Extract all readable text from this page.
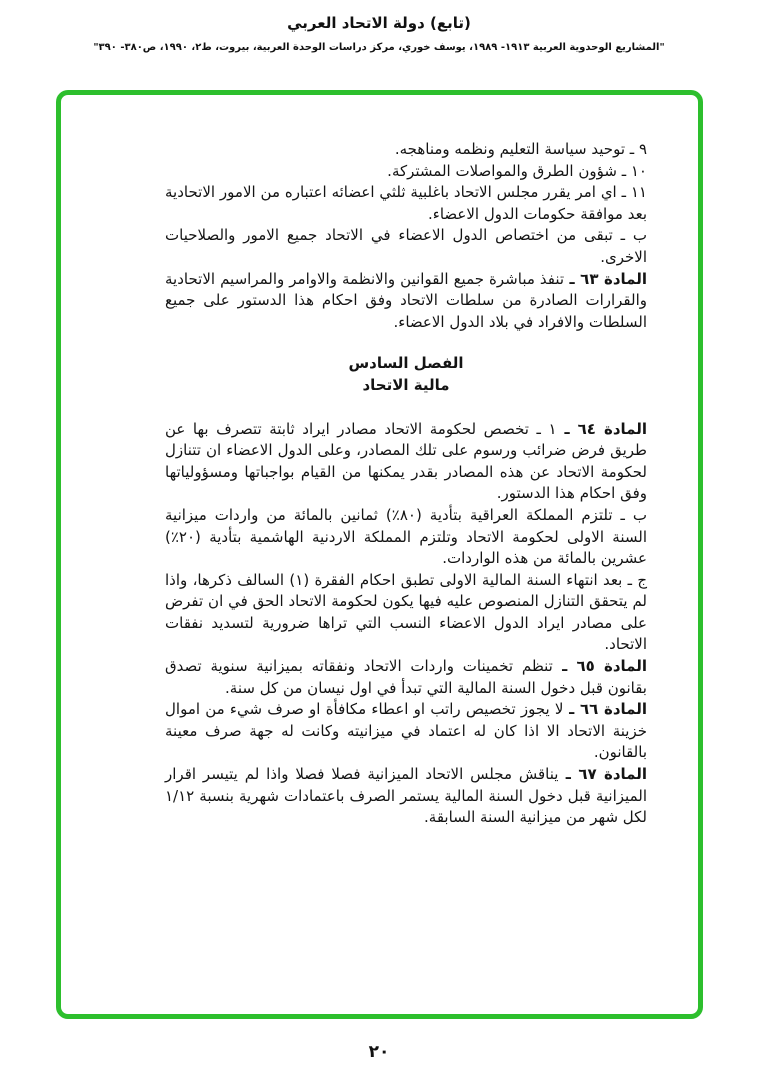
(تابع) دولة الاتحاد العربي
"المشاريع الوحدوية العربية ١٩١٣- ١٩٨٩، يوسف خوري، مركز دراسات الوحدة العربية، بيروت، ط٢، ١٩٩٠، ص٣٨٠- ٣٩٠"

٩ ـ توحيد سياسة التعليم ونظمه ومناهجه.

١٠ ـ شؤون الطرق والمواصلات المشتركة.

١١ ـ اي امر يقرر مجلس الاتحاد باغلبية ثلثي اعضائه اعتباره من الامور الاتحادية بعد موافقة حكومات الدول الاعضاء.

ب ـ تبقى من اختصاص الدول الاعضاء في الاتحاد جميع الامور والصلاحيات الاخرى.

المادة ٦٣ ـ تنفذ مباشرة جميع القوانين والانظمة والاوامر والمراسيم الاتحادية والقرارات الصادرة من سلطات الاتحاد وفق احكام هذا الدستور على جميع السلطات والافراد في بلاد الدول الاعضاء.

الفصل السادس
مالية الاتحاد

المادة ٦٤ ـ ١ ـ تخصص لحكومة الاتحاد مصادر ايراد ثابتة تتصرف بها عن طريق فرض ضرائب ورسوم على تلك المصادر، وعلى الدول الاعضاء ان تتنازل لحكومة الاتحاد عن هذه المصادر بقدر يمكنها من القيام بواجباتها ومسؤولياتها وفق احكام هذا الدستور.

ب ـ تلتزم المملكة العراقية بتأدية (٨٠٪) ثمانين بالمائة من واردات ميزانية السنة الاولى لحكومة الاتحاد وتلتزم المملكة الاردنية الهاشمية بتأدية (٢٠٪) عشرين بالمائة من هذه الواردات.

ج ـ بعد انتهاء السنة المالية الاولى تطبق احكام الفقرة (١) السالف ذكرها، واذا لم يتحقق التنازل المنصوص عليه فيها يكون لحكومة الاتحاد الحق في ان تفرض على مصادر ايراد الدول الاعضاء النسب التي تراها ضرورية لتسديد نفقات الاتحاد.

المادة ٦٥ ـ تنظم تخمينات واردات الاتحاد ونفقاته بميزانية سنوية تصدق بقانون قبل دخول السنة المالية التي تبدأ في اول نيسان من كل سنة.

المادة ٦٦ ـ لا يجوز تخصيص راتب او اعطاء مكافأة او صرف شيء من اموال خزينة الاتحاد الا اذا كان له اعتماد في ميزانيته وكانت له جهة صرف معينة بالقانون.

المادة ٦٧ ـ يناقش مجلس الاتحاد الميزانية فصلا فصلا واذا لم يتيسر اقرار الميزانية قبل دخول السنة المالية يستمر الصرف باعتمادات شهرية بنسبة ١/١٢ لكل شهر من ميزانية السنة السابقة.

٢٠
